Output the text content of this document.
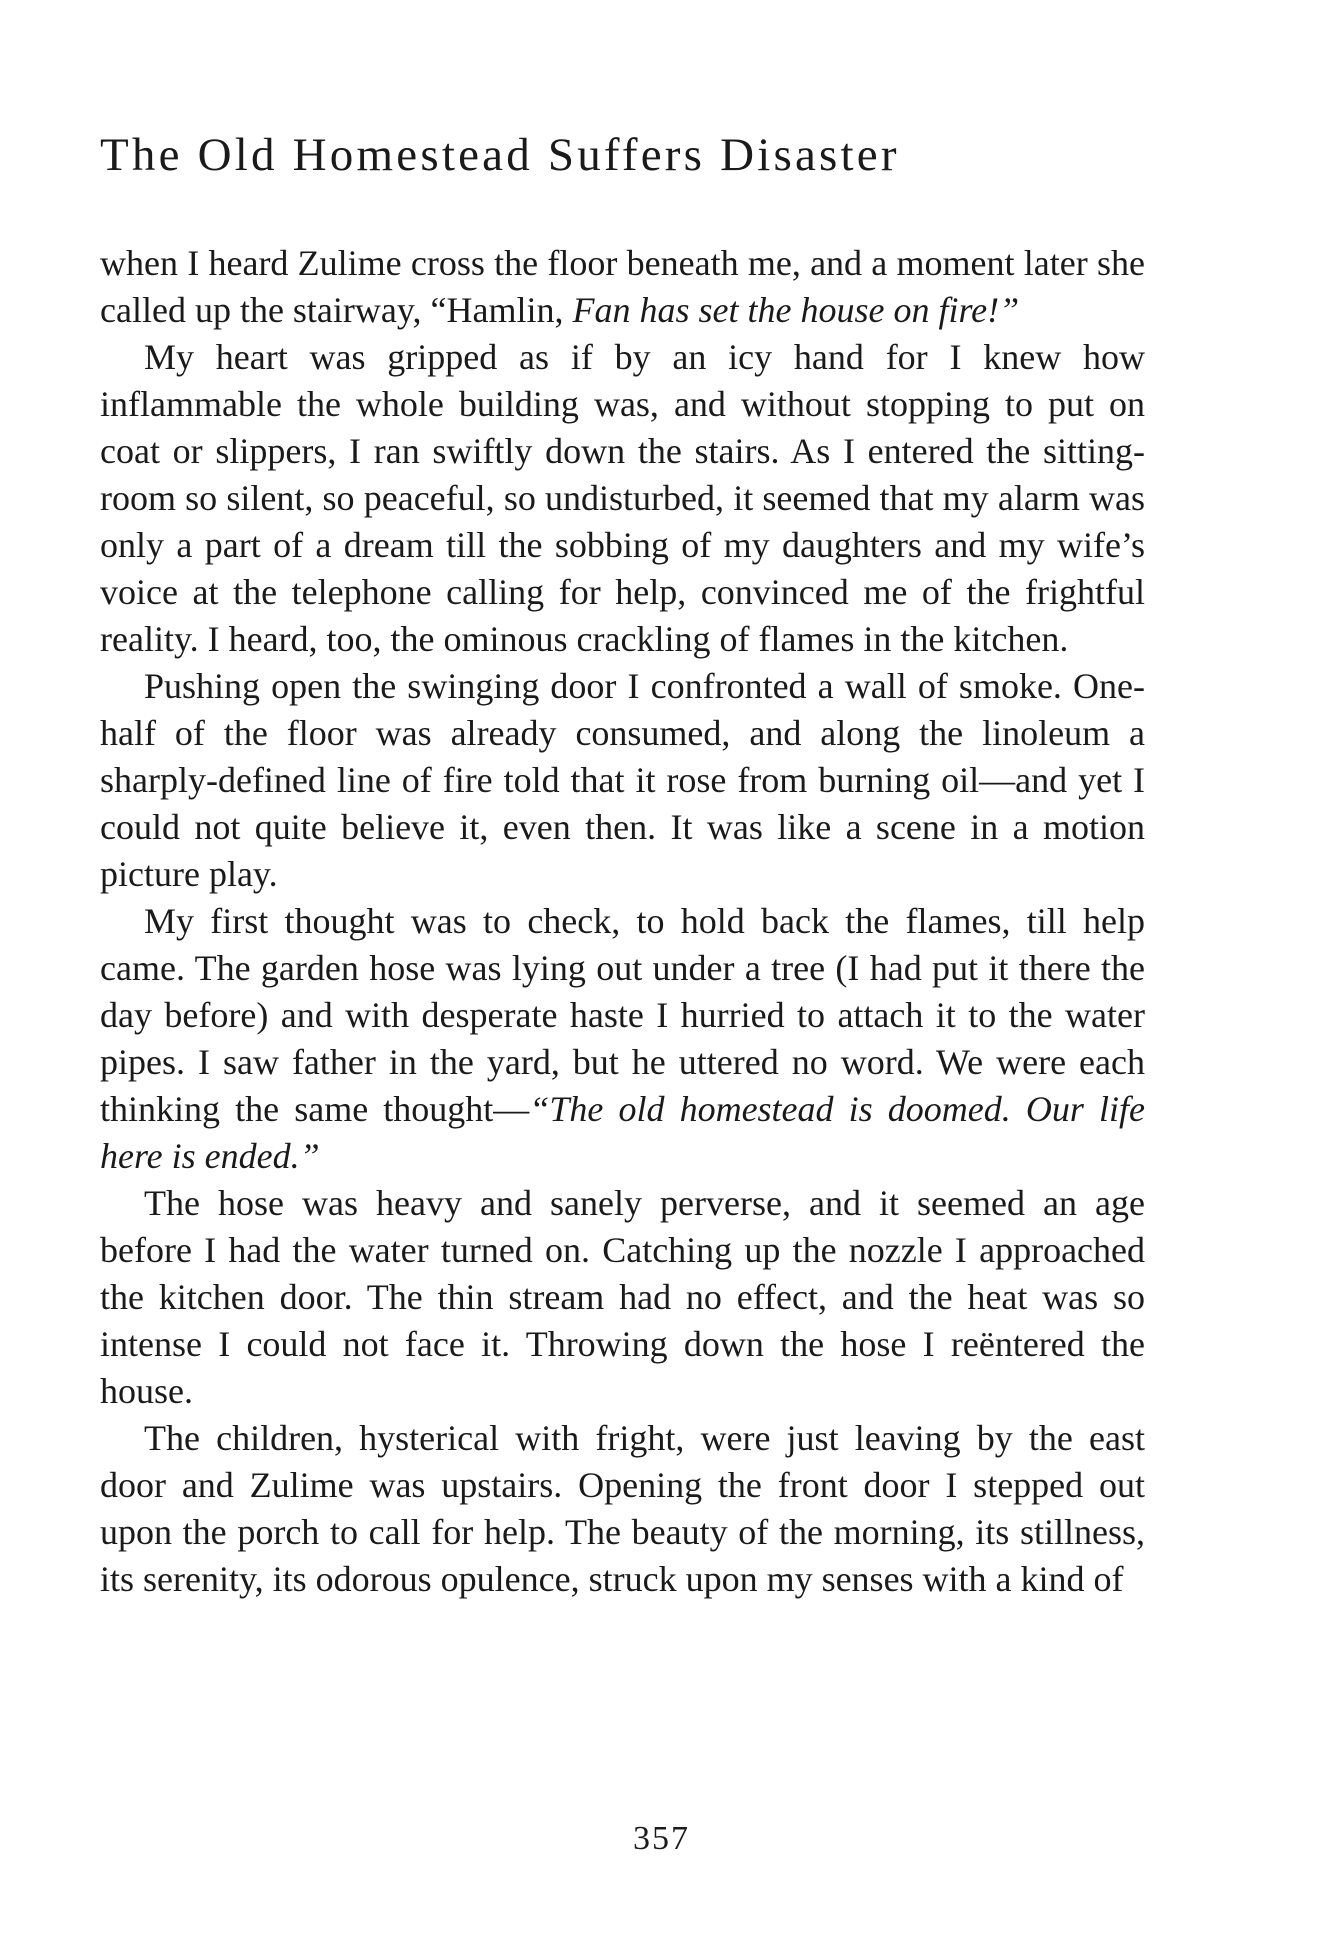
The Old Homestead Suffers Disaster

when I heard Zulime cross the floor beneath me, and a moment later she called up the stairway, “Hamlin, Fan has set the house on fire!”

My heart was gripped as if by an icy hand for I knew how inflammable the whole building was, and without stopping to put on coat or slippers, I ran swiftly down the stairs. As I entered the sitting-room so silent, so peaceful, so undisturbed, it seemed that my alarm was only a part of a dream till the sobbing of my daughters and my wife’s voice at the telephone calling for help, convinced me of the frightful reality. I heard, too, the ominous crackling of flames in the kitchen.

Pushing open the swinging door I confronted a wall of smoke. One-half of the floor was already consumed, and along the linoleum a sharply-defined line of fire told that it rose from burning oil—and yet I could not quite believe it, even then. It was like a scene in a motion picture play.

My first thought was to check, to hold back the flames, till help came. The garden hose was lying out under a tree (I had put it there the day before) and with desperate haste I hurried to attach it to the water pipes. I saw father in the yard, but he uttered no word. We were each thinking the same thought—“The old homestead is doomed. Our life here is ended.”

The hose was heavy and sanely perverse, and it seemed an age before I had the water turned on. Catching up the nozzle I approached the kitchen door. The thin stream had no effect, and the heat was so intense I could not face it. Throwing down the hose I reëntered the house.

The children, hysterical with fright, were just leaving by the east door and Zulime was upstairs. Opening the front door I stepped out upon the porch to call for help. The beauty of the morning, its stillness, its serenity, its odorous opulence, struck upon my senses with a kind of

357
